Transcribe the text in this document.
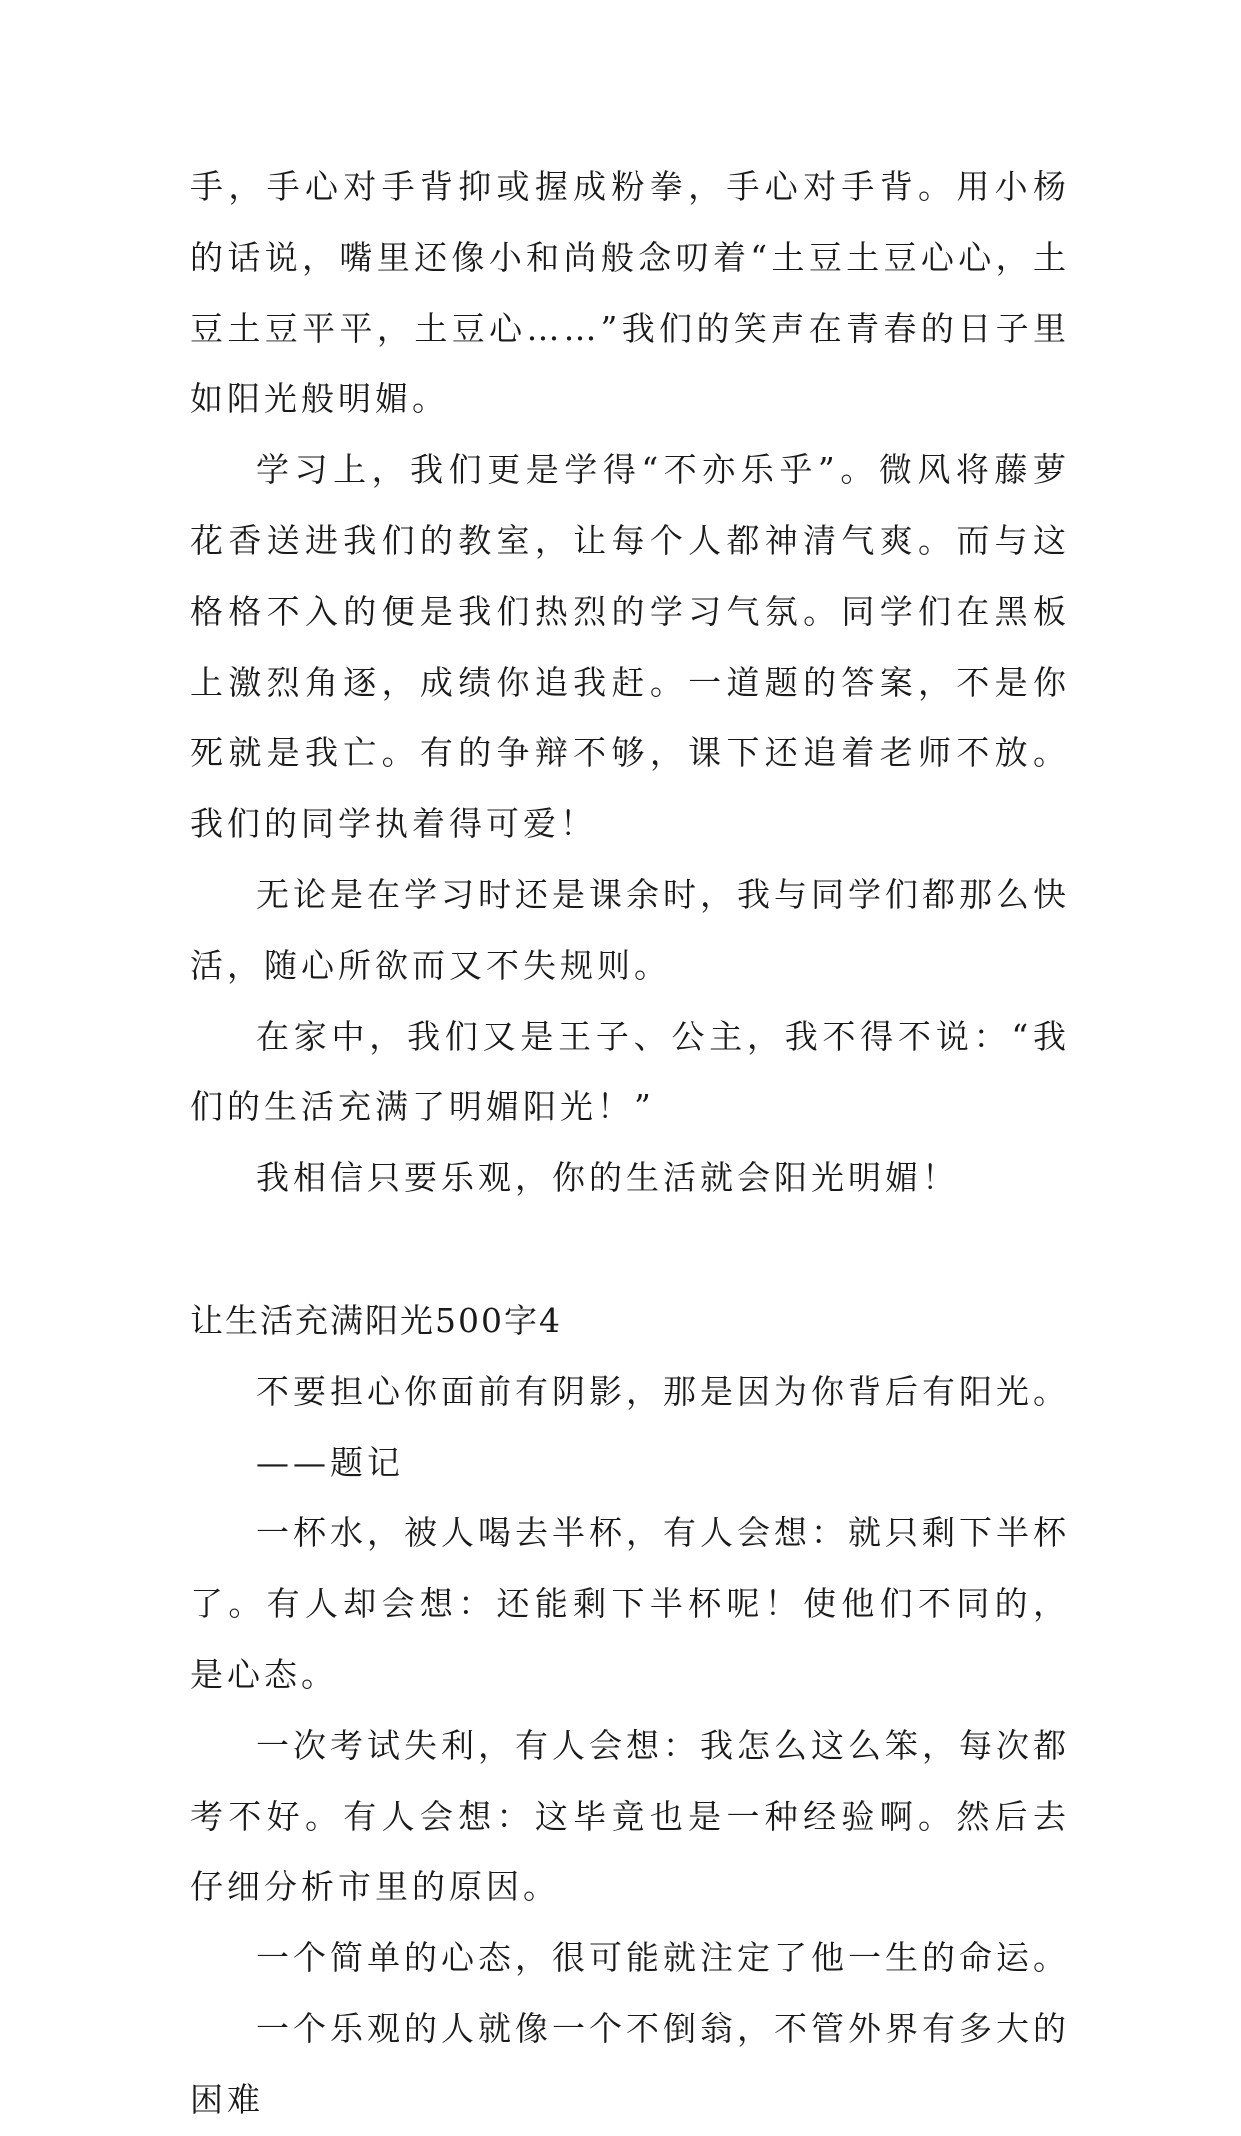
手，手心对手背抑或握成粉拳，手心对手背。用小杨的话说，嘴里还像小和尚般念叨着“土豆土豆心心，土豆土豆平平，土豆心……”我们的笑声在青春的日子里如阳光般明媚。

学习上，我们更是学得“不亦乐乎”。微风将藤萝花香送进我们的教室，让每个人都神清气爽。而与这格格不入的便是我们热烈的学习气氛。同学们在黑板上激烈角逐，成绩你追我赶。一道题的答案，不是你死就是我亡。有的争辩不够，课下还追着老师不放。我们的同学执着得可爱！

无论是在学习时还是课余时，我与同学们都那么快活，随心所欲而又不失规则。

在家中，我们又是王子、公主，我不得不说：“我们的生活充满了明媚阳光！”

我相信只要乐观，你的生活就会阳光明媚！

让生活充满阳光500字4

不要担心你面前有阴影，那是因为你背后有阳光。

——题记

一杯水，被人喝去半杯，有人会想：就只剩下半杯了。有人却会想：还能剩下半杯呢！使他们不同的，是心态。

一次考试失利，有人会想：我怎么这么笨，每次都考不好。有人会想：这毕竟也是一种经验啊。然后去仔细分析市里的原因。

一个简单的心态，很可能就注定了他一生的命运。

一个乐观的人就像一个不倒翁，不管外界有多大的困难
